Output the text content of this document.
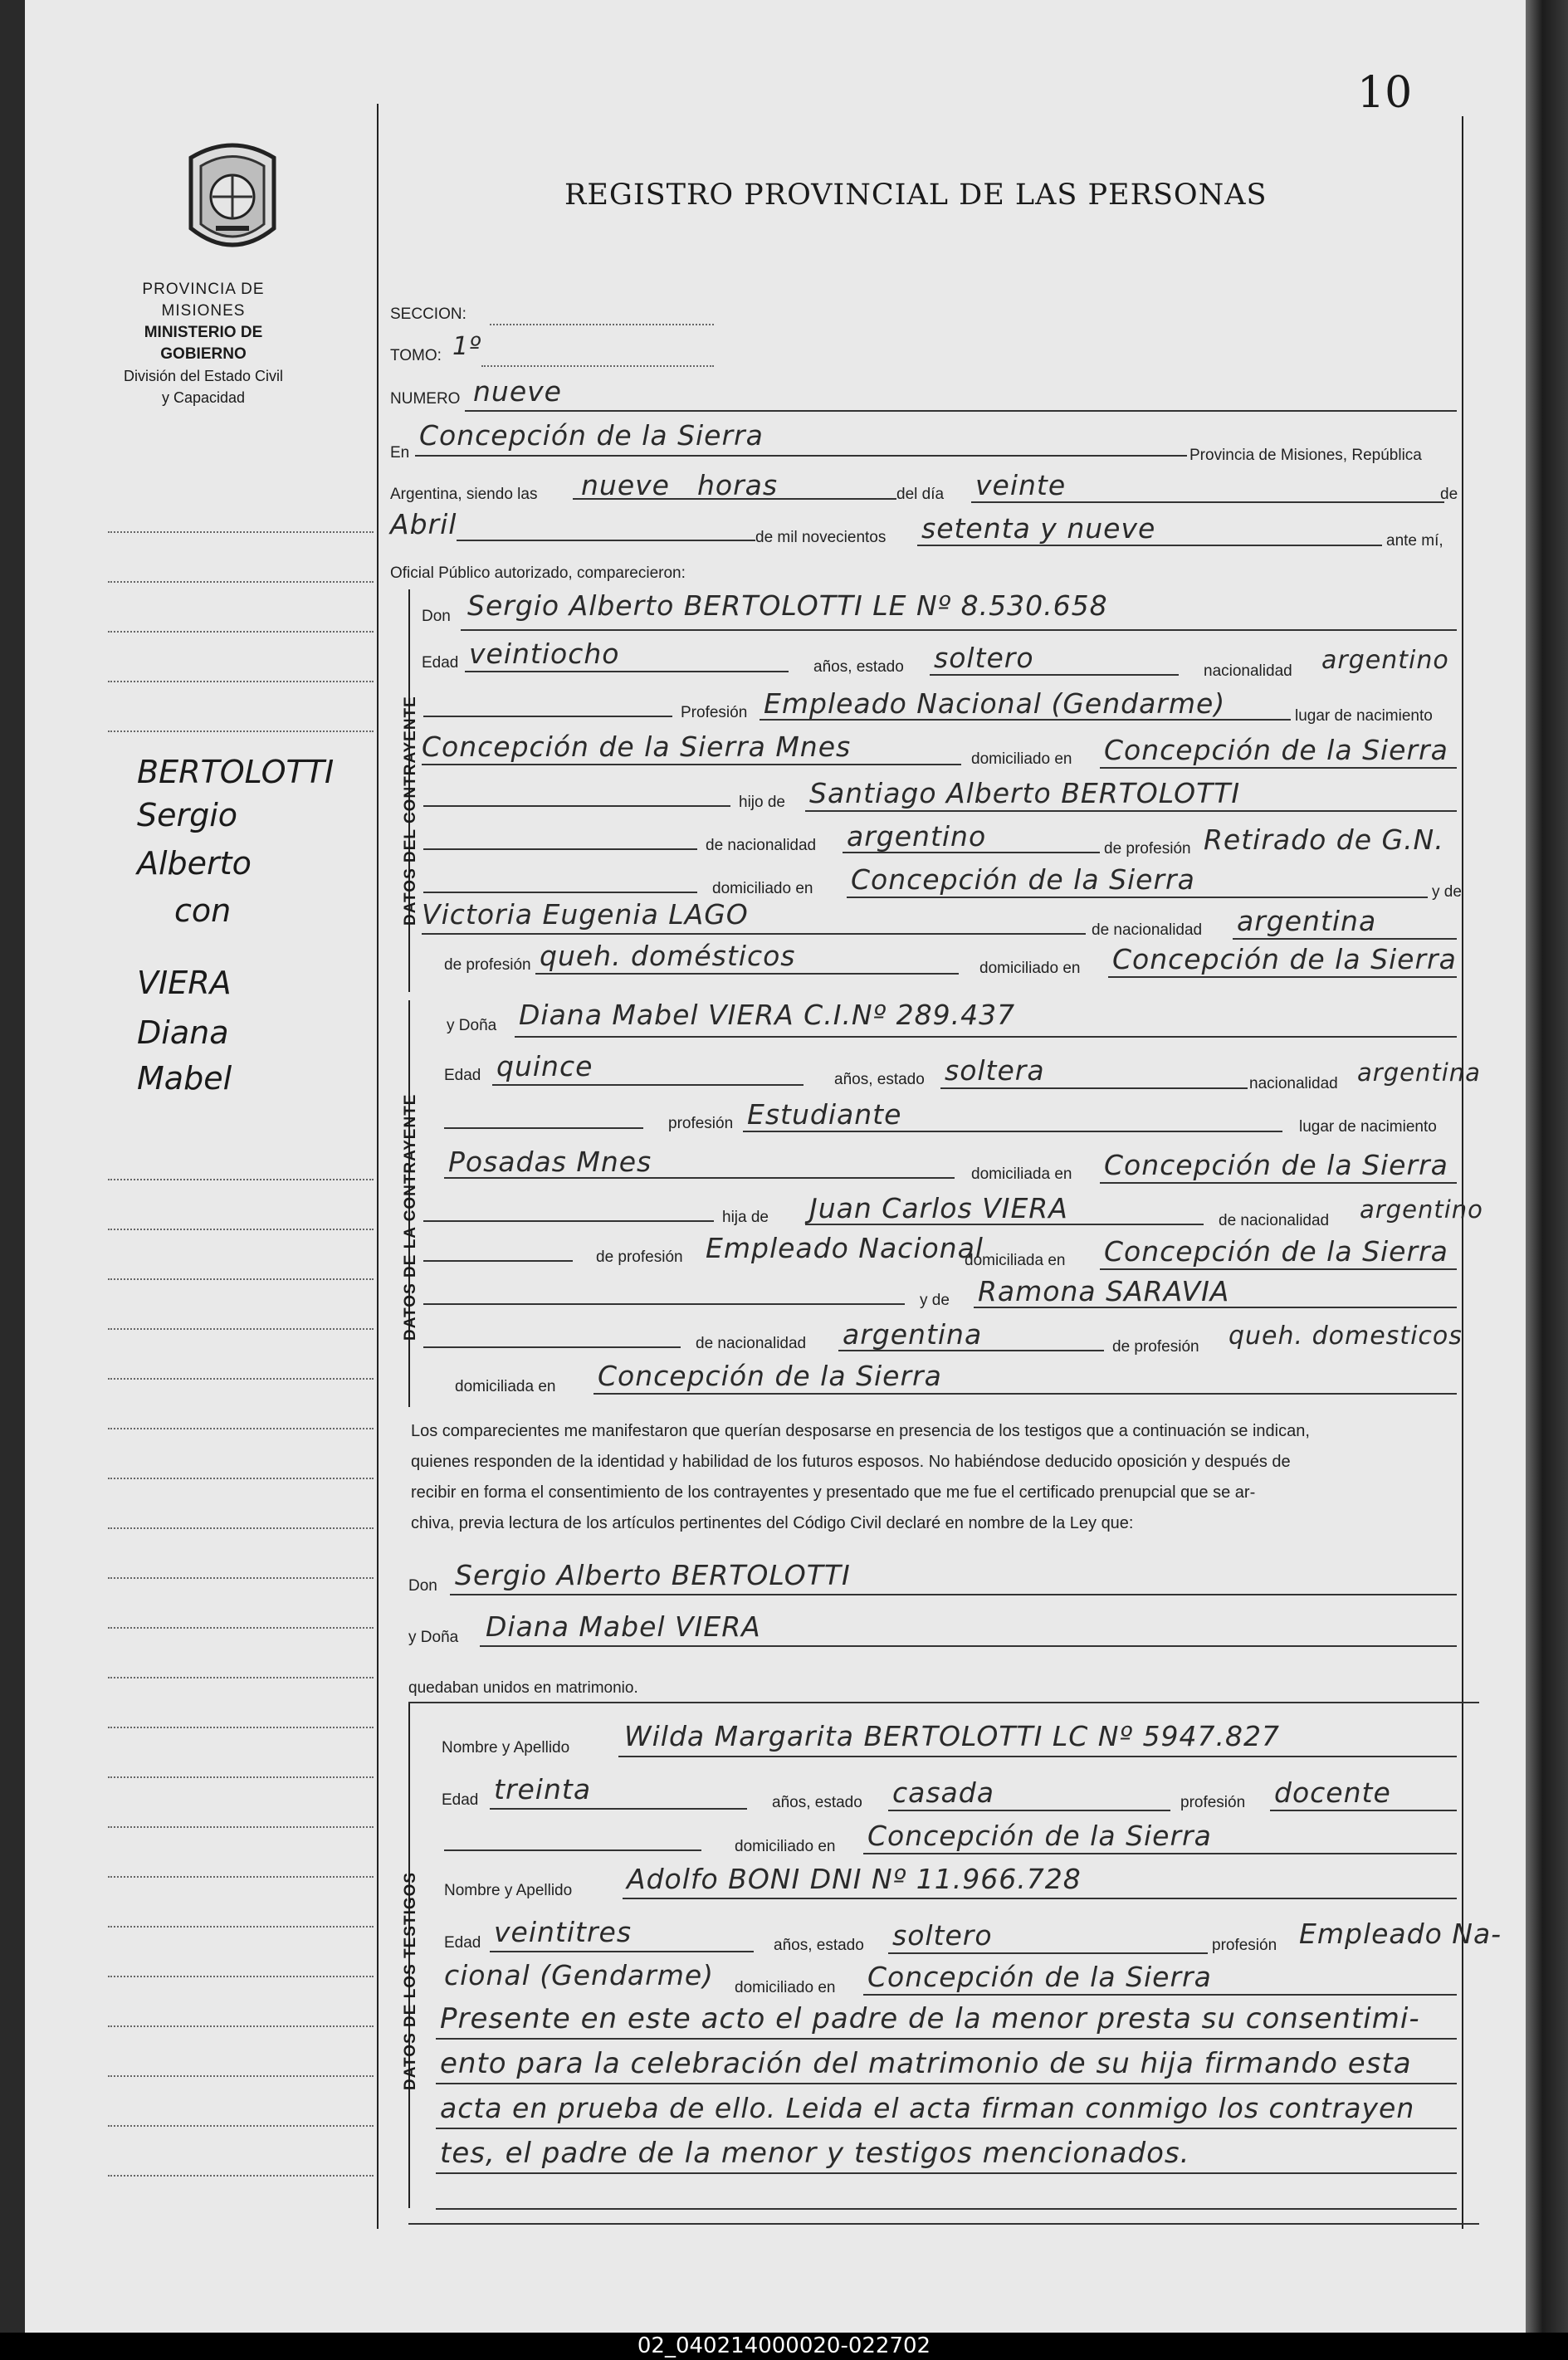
10
PROVINCIA DE MISIONES
MINISTERIO DE GOBIERNO
División del Estado Civil
y Capacidad
REGISTRO PROVINCIAL DE LAS PERSONAS
BERTOLOTTI
Sergio
Alberto
con
VIERA
Diana
Mabel
SECCION:
TOMO: 1º
NUMERO nueve
En
Concepción de la Sierra
Provincia de Misiones, República
Argentina, siendo las nueve horas	del día veinte	de
Abril	de mil novecientos setenta y nueve	ante mí,
Oficial Público autorizado, comparecieron:
DATOS DEL CONTRAYENTE
Don Sergio Alberto BERTOLOTTI LE Nº 8.530.658
Edad veintiocho	años, estado soltero	nacionalidad argentino
Profesión Empleado Nacional (Gendarme)	lugar de nacimiento
Concepción de la Sierra Mnes	domiciliado en Concepción de la Sierra
hijo de Santiago Alberto BERTOLOTTI
de nacionalidad argentino	de profesión Retirado de G.N.
domiciliado en Concepción de la Sierra	y de
Victoria Eugenia LAGO	de nacionalidad argentina
de profesión queh. domésticos	domiciliado en Concepción de la Sierra
DATOS DE LA CONTRAYENTE
y Doña Diana Mabel VIERA C.I.Nº 289.437
Edad quince	años, estado soltera	nacionalidad argentina
profesión Estudiante	lugar de nacimiento
Posadas Mnes	domiciliada en Concepción de la Sierra
hija de Juan Carlos VIERA	de nacionalidad argentino
de profesión Empleado Nacional
domiciliada en Concepción de la Sierra
y de Ramona SARAVIA
de nacionalidad argentina	de profesión queh. domesticos
domiciliada en Concepción de la Sierra
Los comparecientes me manifestaron que querían desposarse en presencia de los testigos que a continuación se indican,
quienes responden de la identidad y habilidad de los futuros esposos. No habiéndose deducido oposición y después de
recibir en forma el consentimiento de los contrayentes y presentado que me fue el certificado prenupcial que se ar-
chiva, previa lectura de los artículos pertinentes del Código Civil declaré en nombre de la Ley que:
Don Sergio Alberto BERTOLOTTI
y Doña Diana Mabel VIERA
quedaban unidos en matrimonio.
DATOS DE LOS TESTIGOS
Nombre y Apellido Wilda Margarita BERTOLOTTI LC Nº 5947.827
Edad treinta	años, estado casada	profesión docente
domiciliado en Concepción de la Sierra
Nombre y Apellido Adolfo BONI DNI Nº 11.966.728
Edad veintitres	años, estado soltero	profesión Empleado Na-
cional (Gendarme) domiciliado en Concepción de la Sierra
Presente en este acto el padre de la menor presta su consentimi-
ento para la celebración del matrimonio de su hija firmando esta
acta en prueba de ello. Leida el acta firman conmigo los contrayen
tes, el padre de la menor y testigos mencionados.
02_040214000020-022702
